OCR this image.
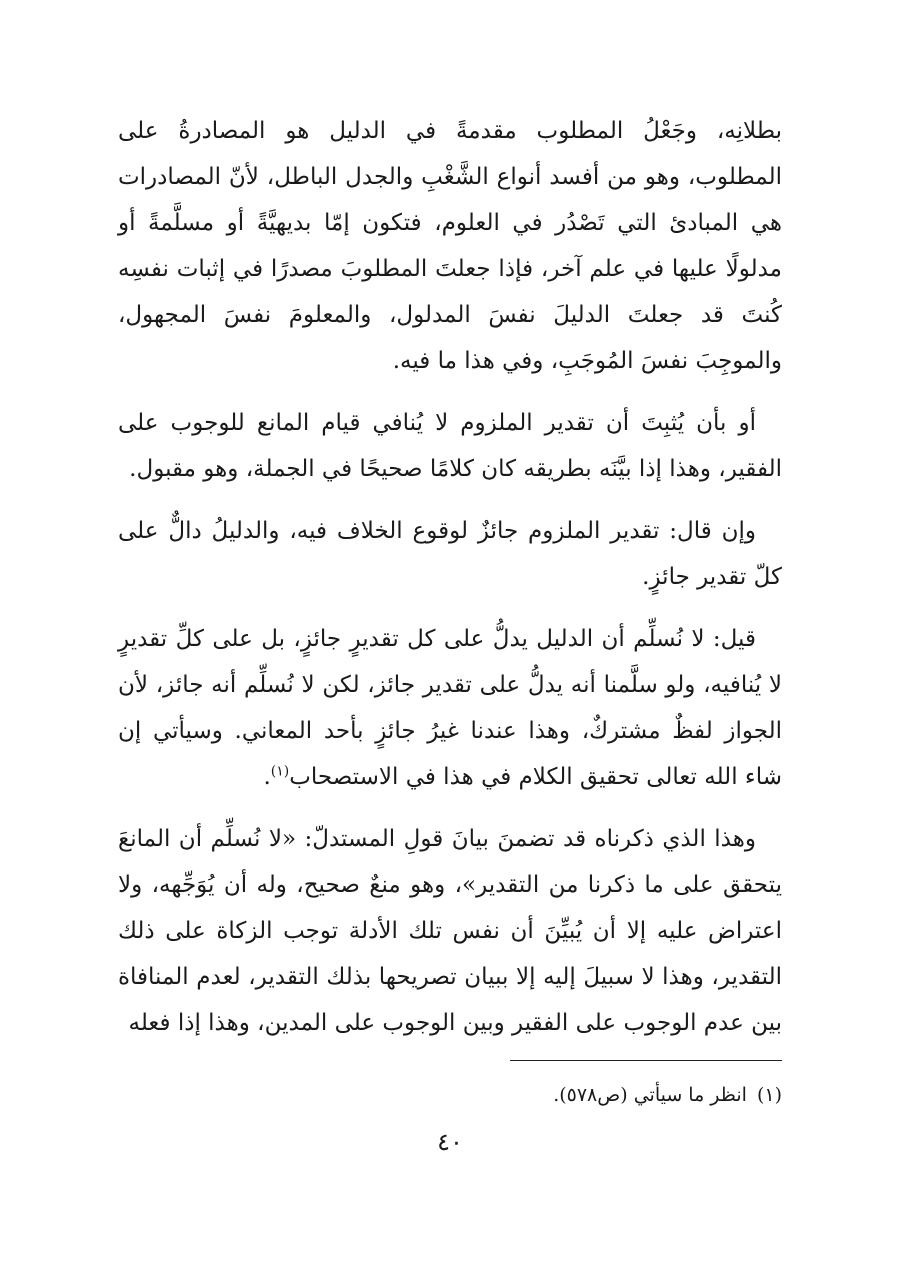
بطلانِه، وجَعْلُ المطلوب مقدمةً في الدليل هو المصادرةُ على المطلوب، وهو من أفسد أنواع الشَّغْبِ والجدل الباطل، لأنّ المصادرات هي المبادئ التي تَصْدُر في العلوم، فتكون إمّا بديهيَّةً أو مسلَّمةً أو مدلولًا عليها في علم آخر، فإذا جعلتَ المطلوبَ مصدرًا في إثبات نفسِه كُنتَ قد جعلتَ الدليلَ نفسَ المدلول، والمعلومَ نفسَ المجهول، والموجِبَ نفسَ المُوجَبِ، وفي هذا ما فيه.

أو بأن يُثبِتَ أن تقدير الملزوم لا يُنافي قيام المانع للوجوب على الفقير، وهذا إذا بيَّنَه بطريقه كان كلامًا صحيحًا في الجملة، وهو مقبول.

وإن قال: تقدير الملزوم جائزٌ لوقوع الخلاف فيه، والدليلُ دالٌّ على كلّ تقدير جائزٍ.

قيل: لا نُسلِّم أن الدليل يدلُّ على كل تقديرٍ جائزٍ، بل على كلِّ تقديرٍ لا يُنافيه، ولو سلَّمنا أنه يدلُّ على تقدير جائز، لكن لا نُسلِّم أنه جائز، لأن الجواز لفظٌ مشتركٌ، وهذا عندنا غيرُ جائزٍ بأحد المعاني. وسيأتي إن شاء الله تعالى تحقيق الكلام في هذا في الاستصحاب$^{(١)}$.

وهذا الذي ذكرناه قد تضمنَ بيانَ قولِ المستدلّ: «لا نُسلِّم أن المانعَ يتحقق على ما ذكرنا من التقدير»، وهو منعٌ صحيح، وله أن يُوَجِّهه، ولا اعتراض عليه إلا أن يُبيِّنَ أن نفس تلك الأدلة توجب الزكاة على ذلك التقدير، وهذا لا سبيلَ إليه إلا ببيان تصريحها بذلك التقدير، لعدم المنافاة بين عدم الوجوب على الفقير وبين الوجوب على المدين، وهذا إذا فعله

(١)انظر ما سيأتي (ص٥٧٨).
٤٠
